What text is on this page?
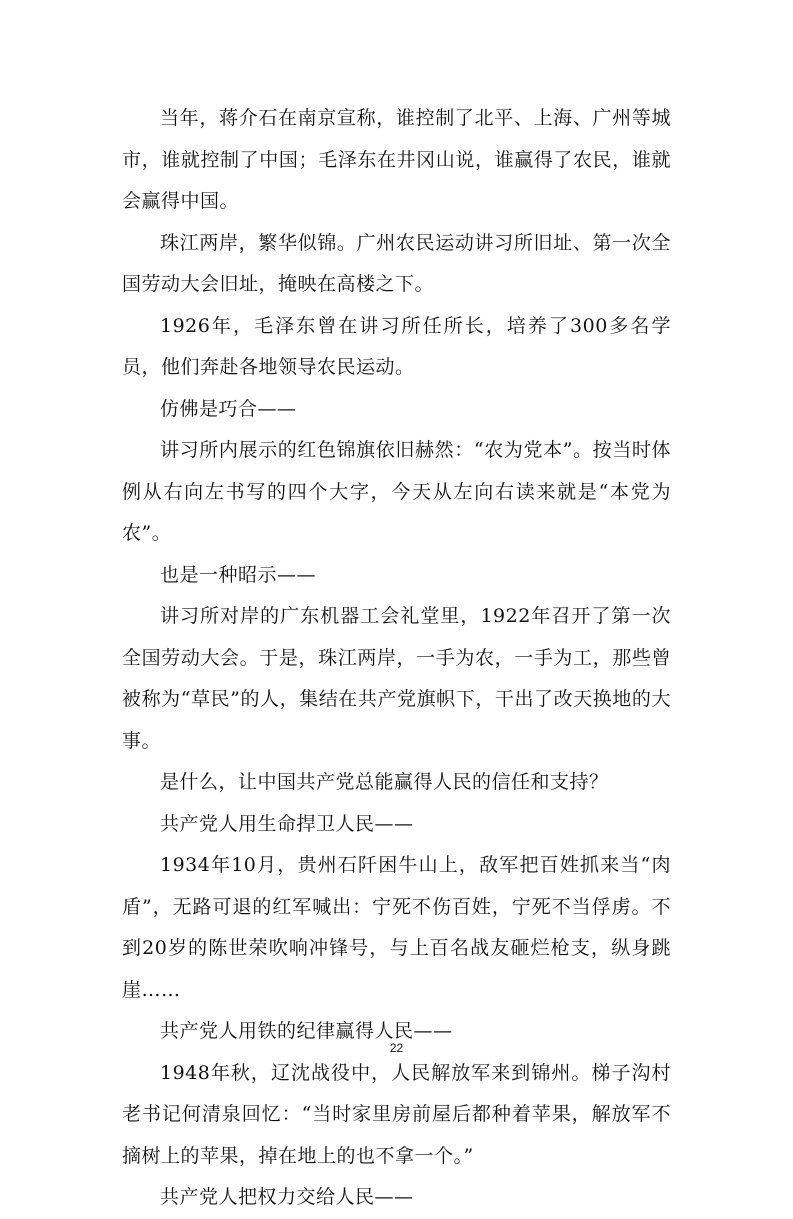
当年，蒋介石在南京宣称，谁控制了北平、上海、广州等城市，谁就控制了中国；毛泽东在井冈山说，谁赢得了农民，谁就会赢得中国。

珠江两岸，繁华似锦。广州农民运动讲习所旧址、第一次全国劳动大会旧址，掩映在高楼之下。

1926年，毛泽东曾在讲习所任所长，培养了300多名学员，他们奔赴各地领导农民运动。

仿佛是巧合——

讲习所内展示的红色锦旗依旧赫然：“农为党本”。按当时体例从右向左书写的四个大字，今天从左向右读来就是“本党为农”。

也是一种昭示——

讲习所对岸的广东机器工会礼堂里，1922年召开了第一次全国劳动大会。于是，珠江两岸，一手为农，一手为工，那些曾被称为“草民”的人，集结在共产党旗帜下，干出了改天换地的大事。

是什么，让中国共产党总能赢得人民的信任和支持？

共产党人用生命捍卫人民——

1934年10月，贵州石阡困牛山上，敌军把百姓抓来当“肉盾”，无路可退的红军喊出：宁死不伤百姓，宁死不当俘虏。不到20岁的陈世荣吹响冲锋号，与上百名战友砸烂枪支，纵身跳崖……

共产党人用铁的纪律赢得人民——

1948年秋，辽沈战役中，人民解放军来到锦州。梯子沟村老书记何清泉回忆：“当时家里房前屋后都种着苹果，解放军不摘树上的苹果，掉在地上的也不拿一个。”

共产党人把权力交给人民——

22
